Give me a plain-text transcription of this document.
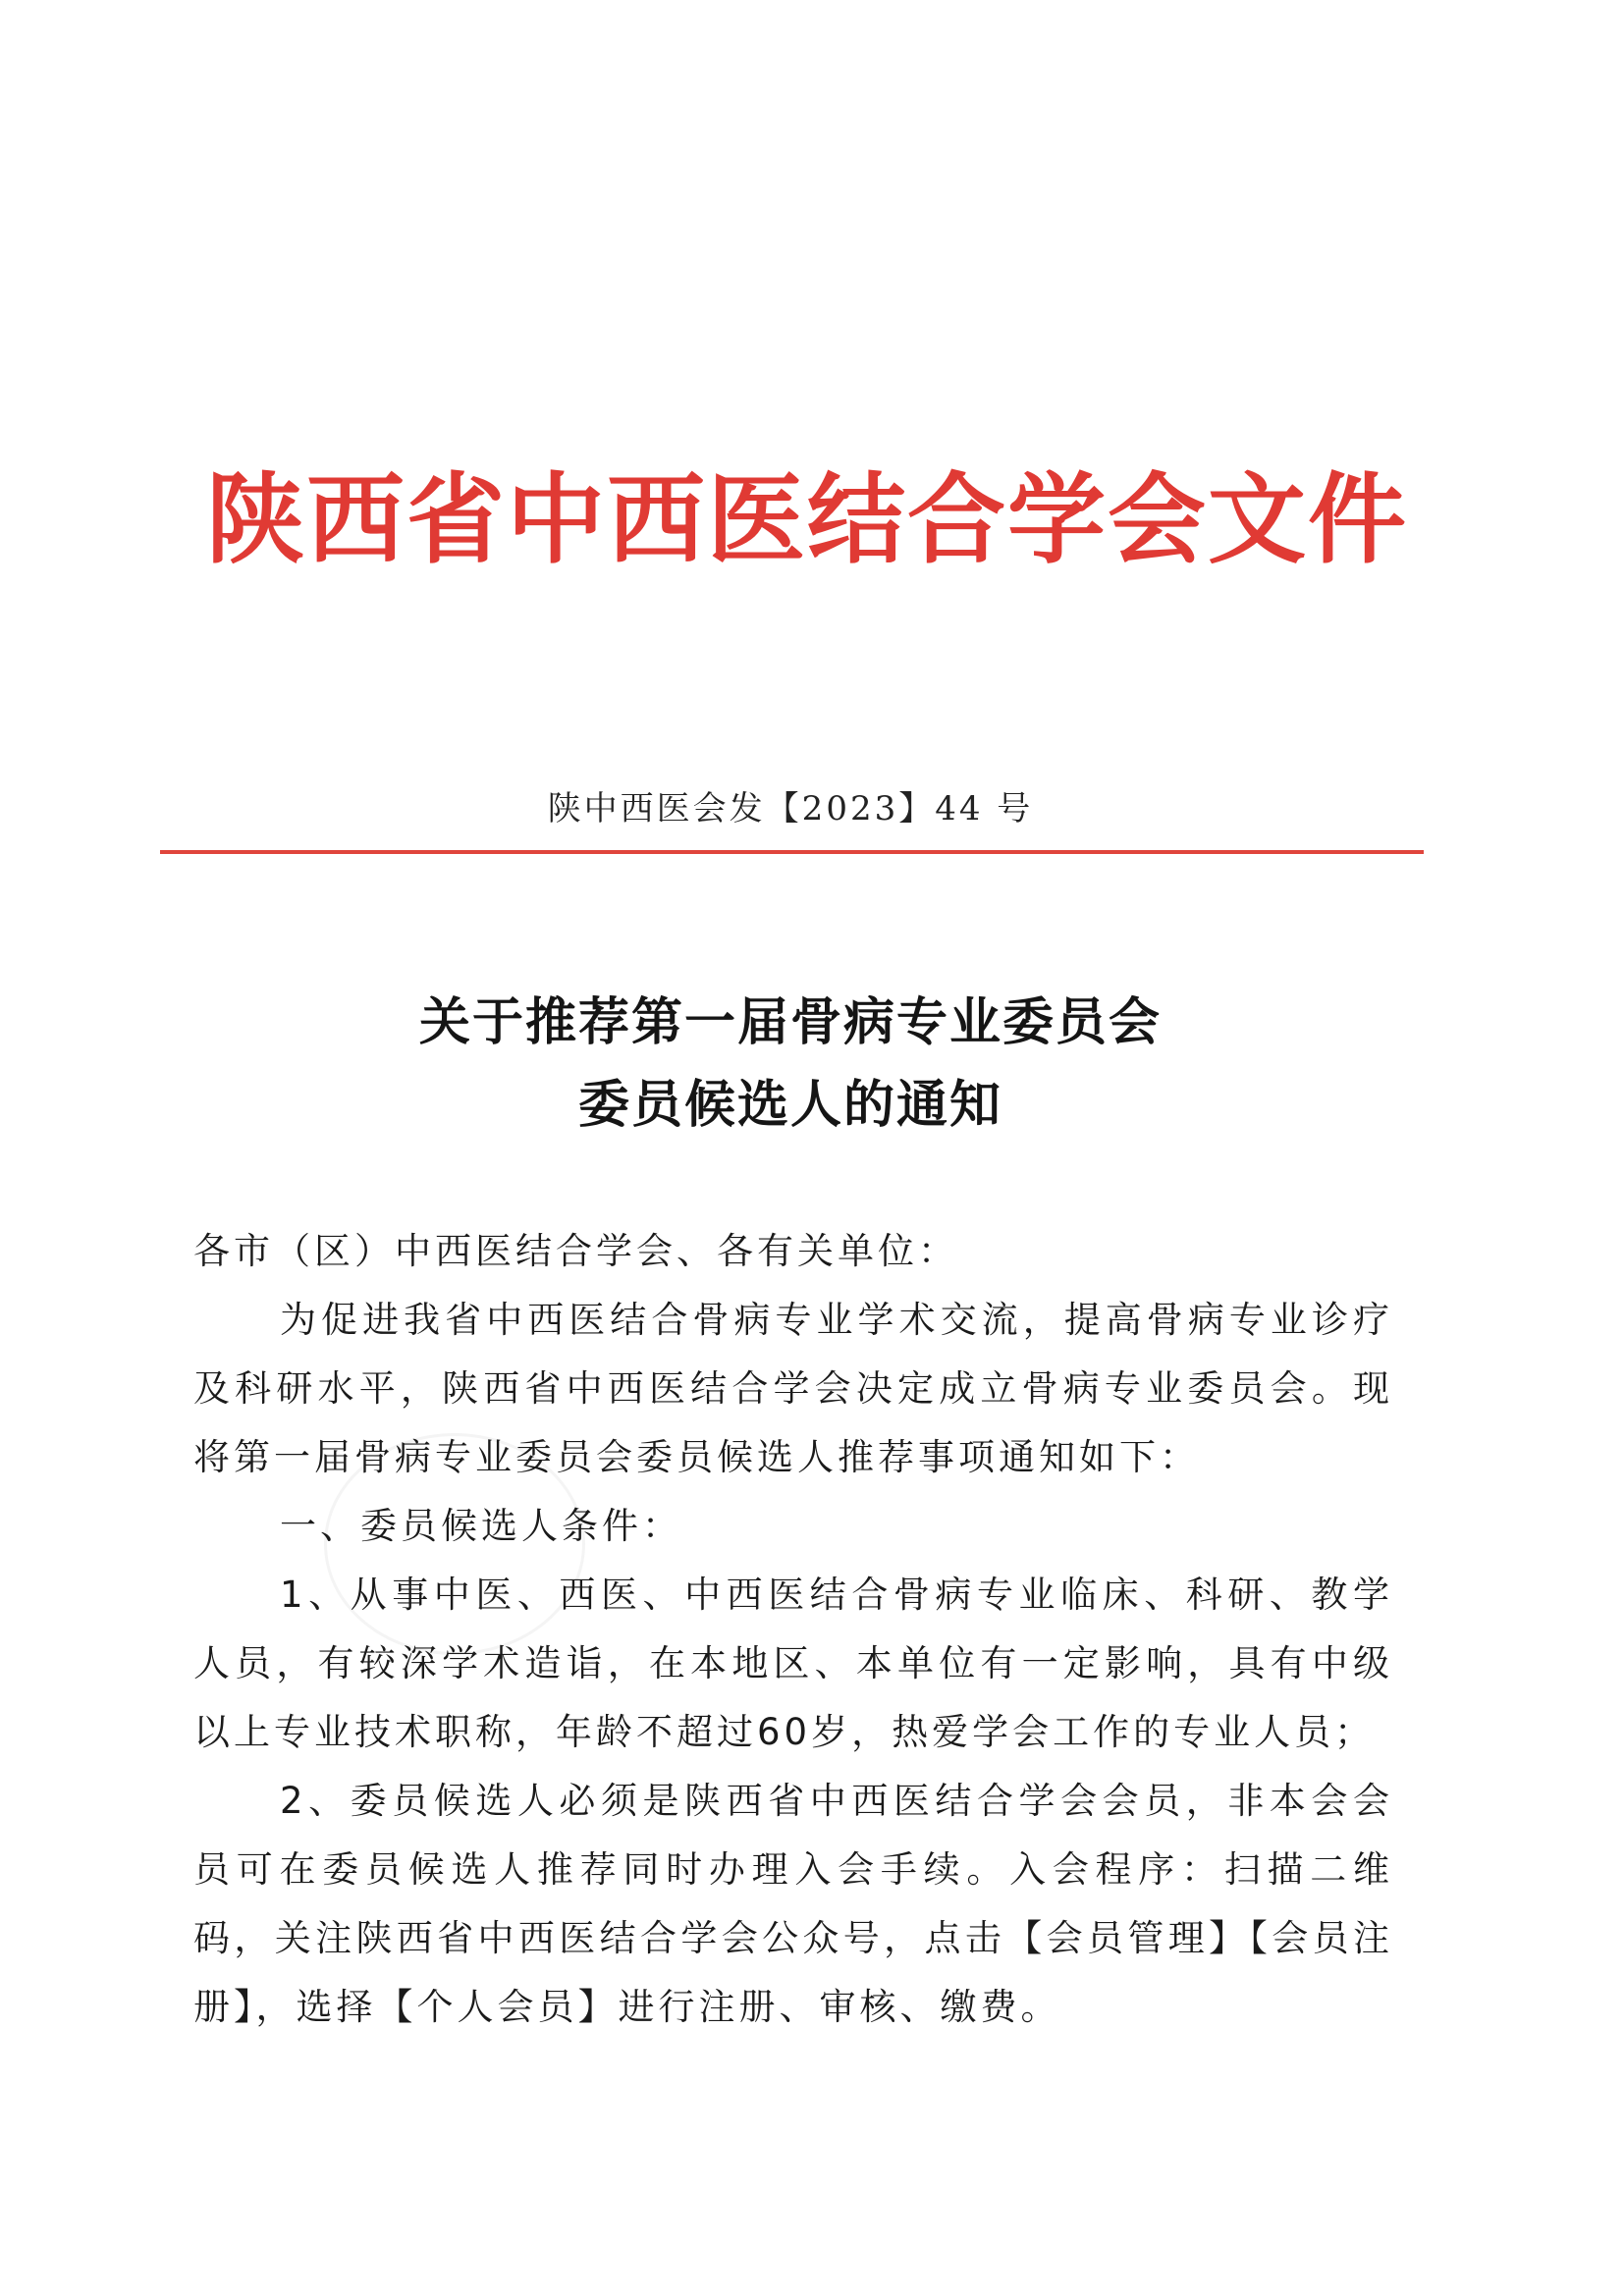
陕西省中西医结合学会文件
陕中西医会发【2023】44 号
关于推荐第一届骨病专业委员会
委员候选人的通知

各市（区）中西医结合学会、各有关单位：

为促进我省中西医结合骨病专业学术交流，提高骨病专业诊疗及科研水平，陕西省中西医结合学会决定成立骨病专业委员会。现将第一届骨病专业委员会委员候选人推荐事项通知如下：

一、委员候选人条件：

1、从事中医、西医、中西医结合骨病专业临床、科研、教学人员，有较深学术造诣，在本地区、本单位有一定影响，具有中级以上专业技术职称，年龄不超过60岁，热爱学会工作的专业人员；

2、委员候选人必须是陕西省中西医结合学会会员，非本会会员可在委员候选人推荐同时办理入会手续。入会程序：扫描二维码，关注陕西省中西医结合学会公众号，点击【会员管理】【会员注册】，选择【个人会员】进行注册、审核、缴费。
